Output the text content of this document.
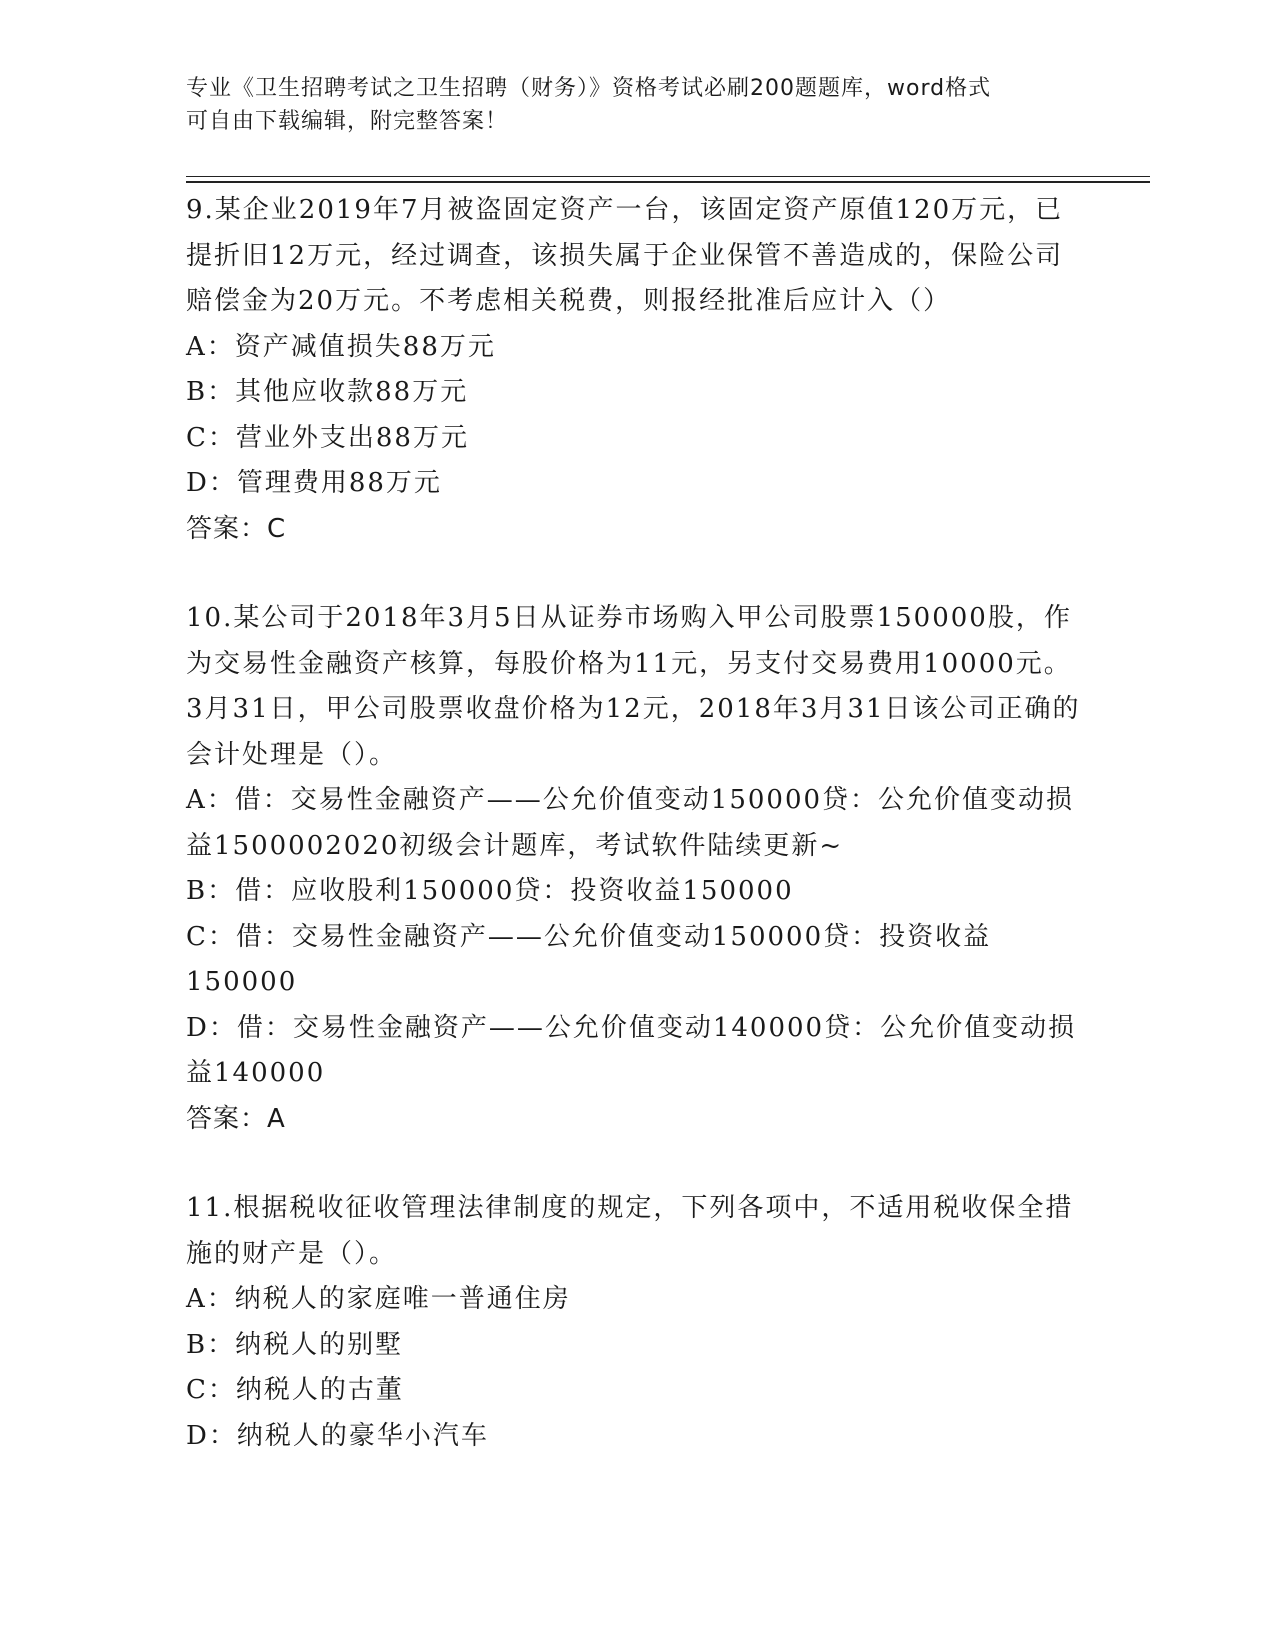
专业《卫生招聘考试之卫生招聘（财务）》资格考试必刷200题题库，word格式
可自由下载编辑，附完整答案！

9.某企业2019年7月被盗固定资产一台，该固定资产原值120万元，已提折旧12万元，经过调查，该损失属于企业保管不善造成的，保险公司赔偿金为20万元。不考虑相关税费，则报经批准后应计入（）

A：资产减值损失88万元

B：其他应收款88万元

C：营业外支出88万元

D：管理费用88万元

答案：C

10.某公司于2018年3月5日从证券市场购入甲公司股票150000股，作为交易性金融资产核算，每股价格为11元，另支付交易费用10000元。3月31日，甲公司股票收盘价格为12元，2018年3月31日该公司正确的会计处理是（）。

A：借：交易性金融资产——公允价值变动150000贷：公允价值变动损益1500002020初级会计题库，考试软件陆续更新~

B：借：应收股利150000贷：投资收益150000

C：借：交易性金融资产——公允价值变动150000贷：投资收益150000

D：借：交易性金融资产——公允价值变动140000贷：公允价值变动损益140000

答案：A

11.根据税收征收管理法律制度的规定，下列各项中，不适用税收保全措施的财产是（）。

A：纳税人的家庭唯一普通住房

B：纳税人的别墅

C：纳税人的古董

D：纳税人的豪华小汽车
